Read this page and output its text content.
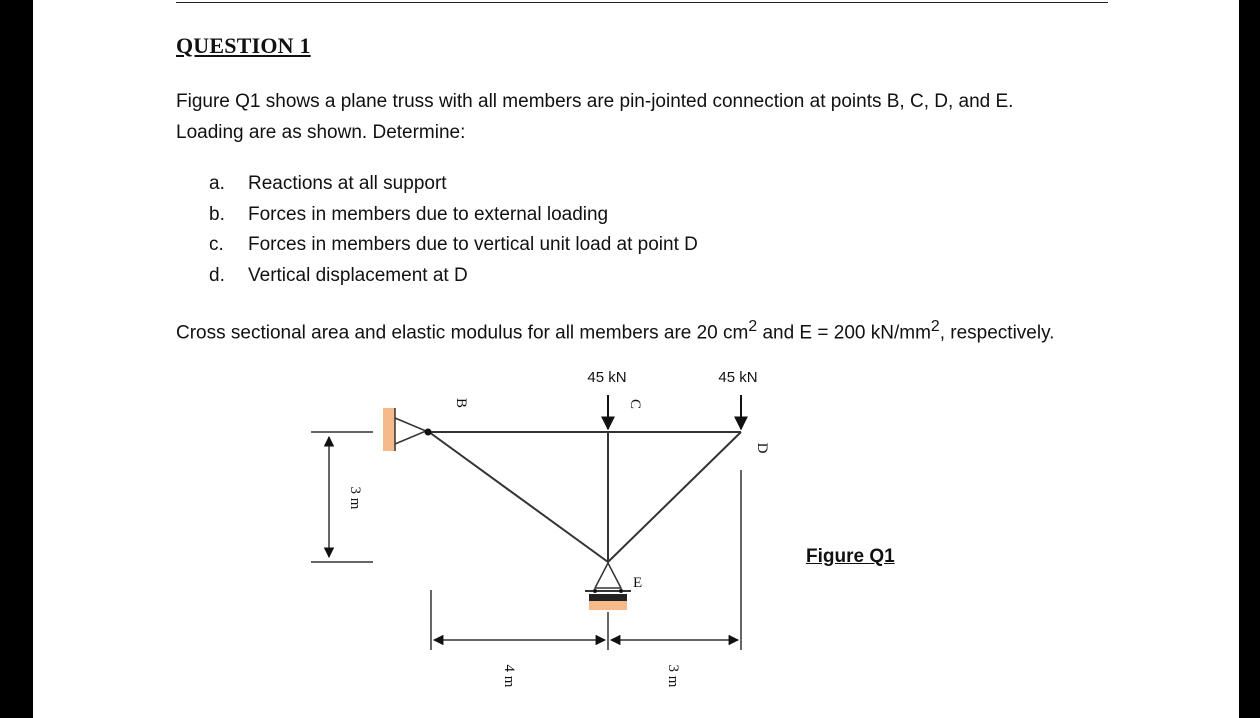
QUESTION 1
Figure Q1 shows a plane truss with all members are pin-jointed connection at points B, C, D, and E.
Loading are as shown. Determine:
a.	Reactions at all support
b.	Forces in members due to external loading
c.	Forces in members due to vertical unit load at point D
d.	Vertical displacement at D
Cross sectional area and elastic modulus for all members are 20 $cm^2$ and E = 200 $kN/mm^2$, respectively.
Figure Q1
45 kN	45 kN
B	C
D
E
3 m
4 m	3 m
